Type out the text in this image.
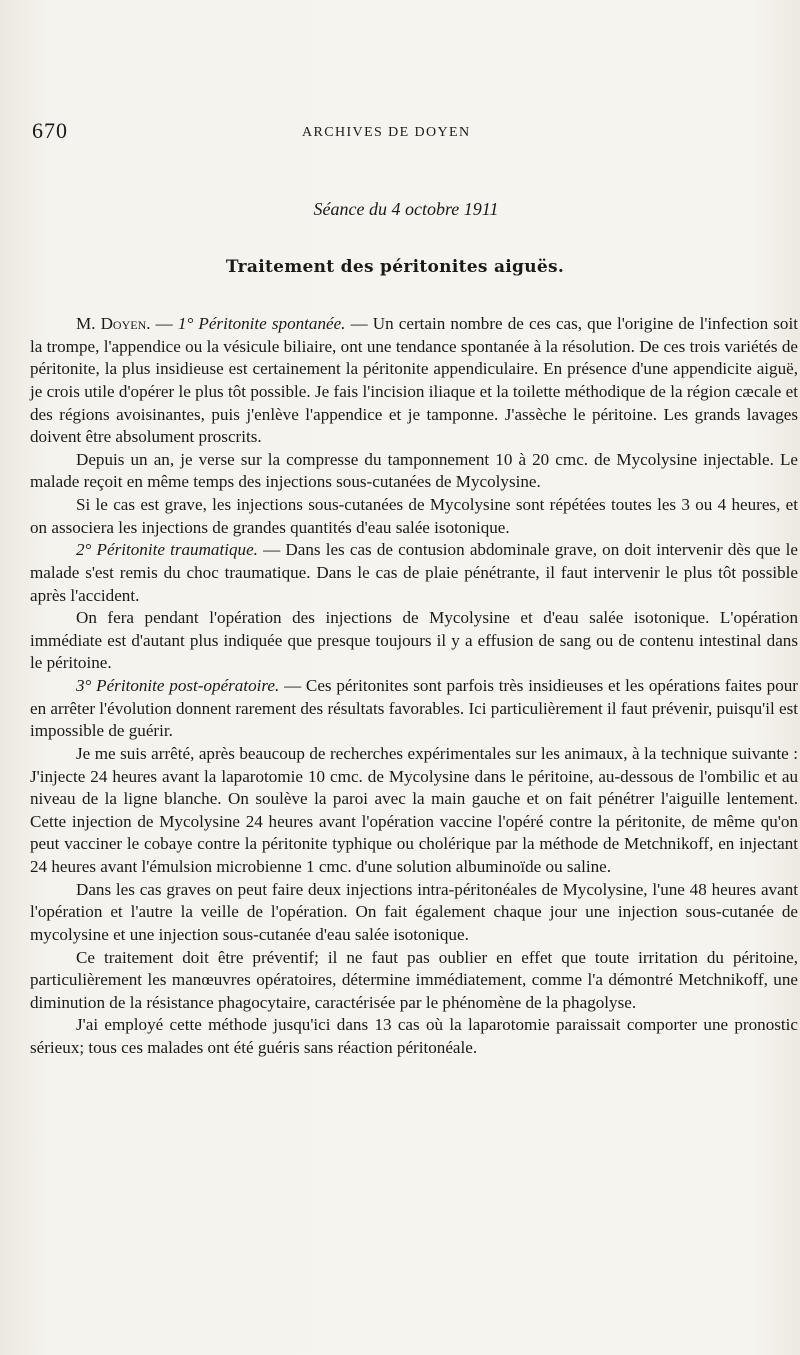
670	ARCHIVES DE DOYEN
Séance du 4 octobre 1911
Traitement des péritonites aiguës.

M. Doyen. — 1° Péritonite spontanée. — Un certain nombre de ces cas, que l'origine de l'infection soit la trompe, l'appendice ou la vésicule biliaire, ont une tendance spontanée à la résolution. De ces trois variétés de péritonite, la plus insidieuse est certainement la péritonite appendiculaire. En présence d'une appendicite aiguë, je crois utile d'opérer le plus tôt possible. Je fais l'incision iliaque et la toilette méthodique de la région cæcale et des régions avoisinantes, puis j'enlève l'appendice et je tamponne. J'assèche le péritoine. Les grands lavages doivent être absolument proscrits.

Depuis un an, je verse sur la compresse du tamponnement 10 à 20 cmc. de Mycolysine injectable. Le malade reçoit en même temps des injections sous-cutanées de Mycolysine.

Si le cas est grave, les injections sous-cutanées de Mycolysine sont répétées toutes les 3 ou 4 heures, et on associera les injections de grandes quantités d'eau salée isotonique.

2° Péritonite traumatique. — Dans les cas de contusion abdominale grave, on doit intervenir dès que le malade s'est remis du choc traumatique. Dans le cas de plaie pénétrante, il faut intervenir le plus tôt possible après l'accident.

On fera pendant l'opération des injections de Mycolysine et d'eau salée isotonique. L'opération immédiate est d'autant plus indiquée que presque toujours il y a effusion de sang ou de contenu intestinal dans le péritoine.

3° Péritonite post-opératoire. — Ces péritonites sont parfois très insidieuses et les opérations faites pour en arrêter l'évolution donnent rarement des résultats favorables. Ici particulièrement il faut prévenir, puisqu'il est impossible de guérir.

Je me suis arrêté, après beaucoup de recherches expérimentales sur les animaux, à la technique suivante : J'injecte 24 heures avant la laparotomie 10 cmc. de Mycolysine dans le péritoine, au-dessous de l'ombilic et au niveau de la ligne blanche. On soulève la paroi avec la main gauche et on fait pénétrer l'aiguille lentement. Cette injection de Mycolysine 24 heures avant l'opération vaccine l'opéré contre la péritonite, de même qu'on peut vacciner le cobaye contre la péritonite typhique ou cholérique par la méthode de Metchnikoff, en injectant 24 heures avant l'émulsion microbienne 1 cmc. d'une solution albuminoïde ou saline.

Dans les cas graves on peut faire deux injections intra-péritonéales de Mycolysine, l'une 48 heures avant l'opération et l'autre la veille de l'opération. On fait également chaque jour une injection sous-cutanée de mycolysine et une injection sous-cutanée d'eau salée isotonique.

Ce traitement doit être préventif; il ne faut pas oublier en effet que toute irritation du péritoine, particulièrement les manœuvres opératoires, détermine immédiatement, comme l'a démontré Metchnikoff, une diminution de la résistance phagocytaire, caractérisée par le phénomène de la phagolyse.

J'ai employé cette méthode jusqu'ici dans 13 cas où la laparotomie paraissait comporter une pronostic sérieux; tous ces malades ont été guéris sans réaction péritonéale.
